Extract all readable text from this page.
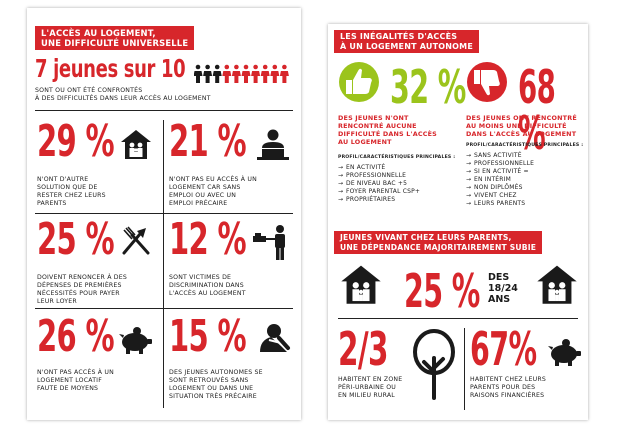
L'ACCÈS AU LOGEMENT,
UNE DIFFICULTÉ UNIVERSELLE
7 jeunes sur 10
SONT OU ONT ÉTÉ CONFRONTÉS
À DES DIFFICULTÉS DANS LEUR ACCÈS AU LOGEMENT
29 %
N'ONT D'AUTRE
SOLUTION QUE DE
RESTER CHEZ LEURS
PARENTS
21 %
N'ONT PAS EU ACCÈS À UN
LOGEMENT CAR SANS
EMPLOI OU AVEC UN
EMPLOI PRÉCAIRE
25 %
DOIVENT RENONCER À DES
DÉPENSES DE PREMIÈRES
NÉCESSITÉS POUR PAYER
LEUR LOYER
12 %
SONT VICTIMES DE
DISCRIMINATION DANS
L'ACCÈS AU LOGEMENT
26 %
N'ONT PAS ACCÈS À UN
LOGEMENT LOCATIF
FAUTE DE MOYENS
15 %
DES JEUNES AUTONOMES SE
SONT RETROUVÉS SANS
LOGEMENT OU DANS UNE
SITUATION TRÈS PRÉCAIRE
LES INÉGALITÉS D'ACCÈS
À UN LOGEMENT AUTONOME
32 % 68 %
DES JEUNES N'ONT
RENCONTRÉ AUCUNE
DIFFICULTÉ DANS L'ACCÈS
AU LOGEMENT
DES JEUNES ONT RENCONTRÉ
AU MOINS UNE DIFFICULTÉ
DANS L'ACCÈS AU LOGEMENT
PROFIL/CARACTÉRISTIQUES PRINCIPALES :
→ EN ACTIVITÉ
→ PROFESSIONNELLE
→ DE NIVEAU BAC +5
→ FOYER PARENTAL CSP+
→ PROPRIÉTAIRES
PROFIL/CARACTÉRISTIQUES PRINCIPALES :
→ SANS ACTIVITÉ
→ PROFESSIONNELLE
→ SI EN ACTIVITÉ =
→ EN INTÉRIM
→ NON DIPLÔMÉS
→ VIVENT CHEZ
→ LEURS PARENTS
JEUNES VIVANT CHEZ LEURS PARENTS,
UNE DÉPENDANCE MAJORITAIREMENT SUBIE
25 % DES
18/24
ANS
2/3
HABITENT EN ZONE
PÉRI-URBAINE OU
EN MILIEU RURAL
67%
HABITENT CHEZ LEURS
PARENTS POUR DES
RAISONS FINANCIÈRES
